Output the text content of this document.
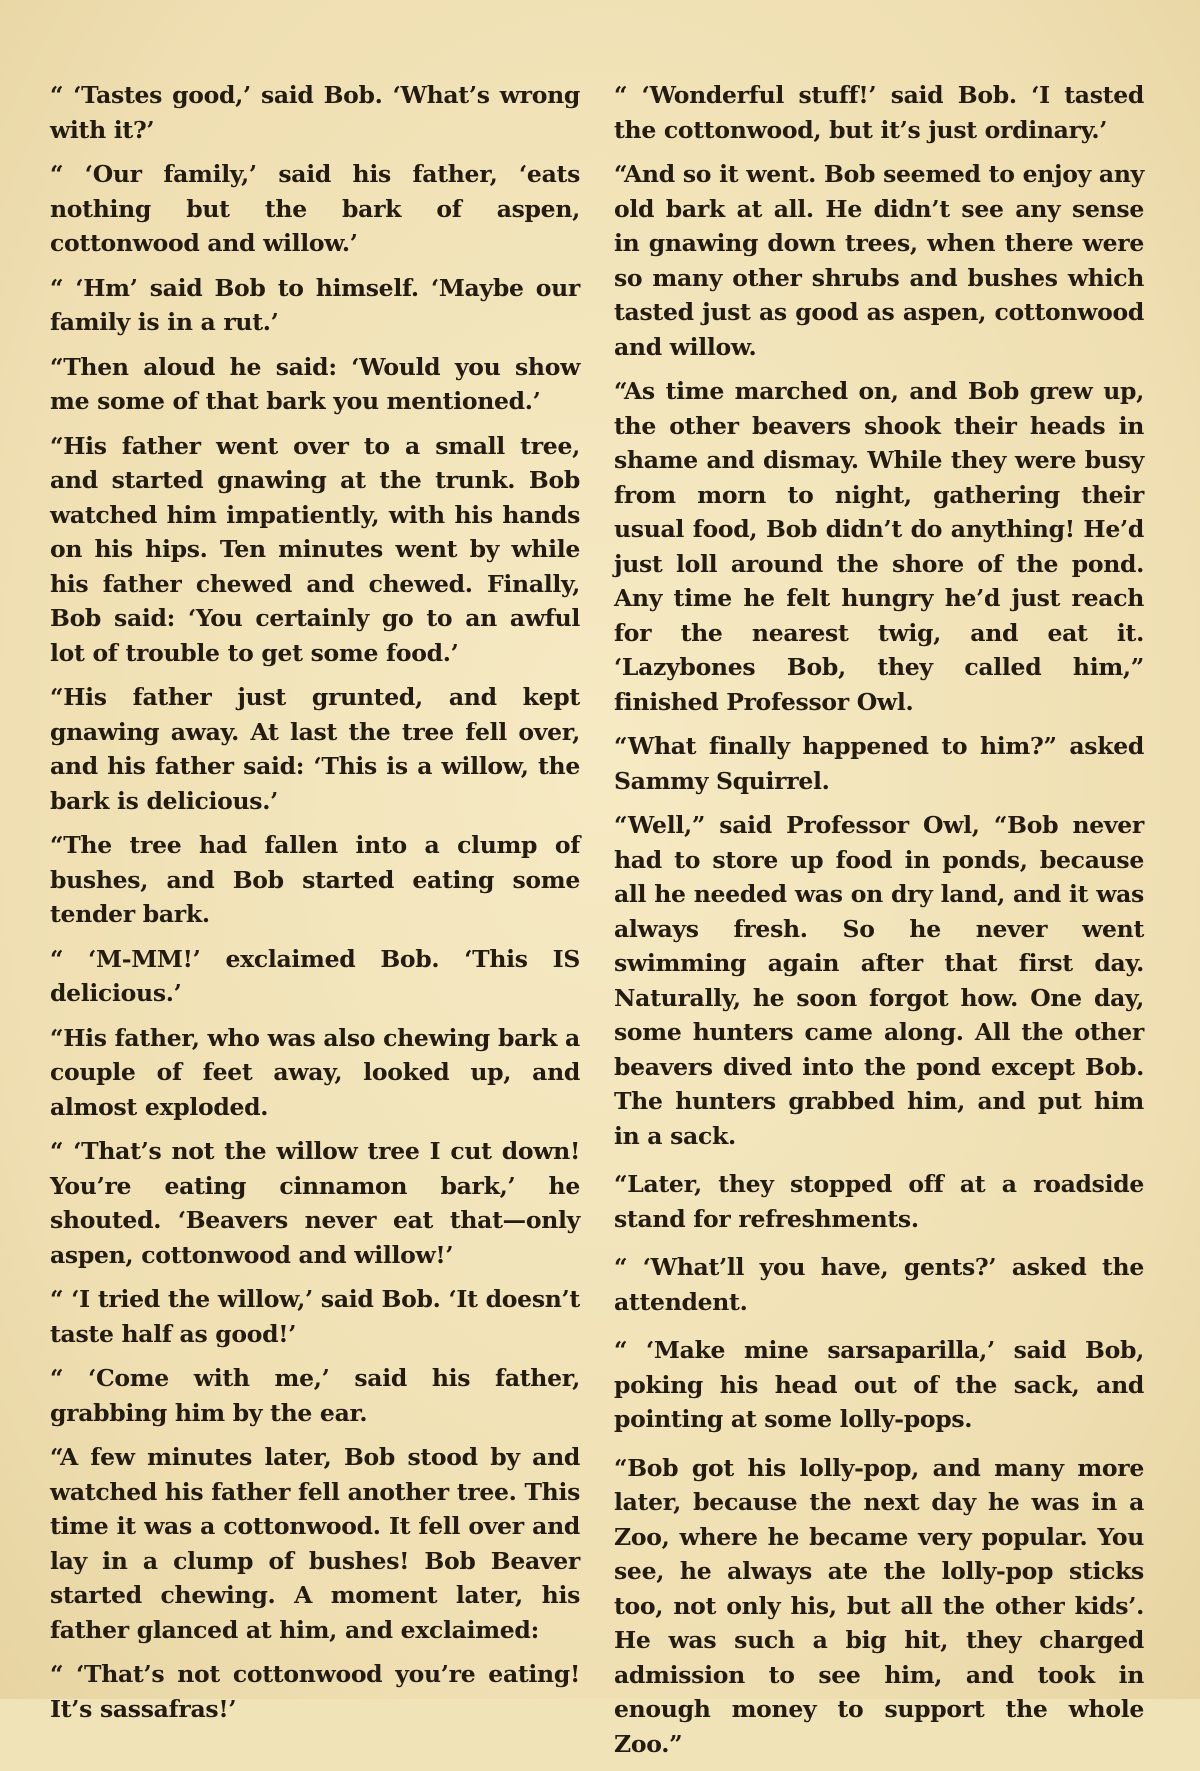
“ ‘Tastes good,’ said Bob. ‘What’s wrong with it?’

“ ‘Our family,’ said his father, ‘eats nothing but the bark of aspen, cottonwood and willow.’

“ ‘Hm’ said Bob to himself. ‘Maybe our family is in a rut.’

“Then aloud he said: ‘Would you show me some of that bark you mentioned.’

“His father went over to a small tree, and started gnawing at the trunk. Bob watched him impatiently, with his hands on his hips. Ten minutes went by while his father chewed and chewed. Finally, Bob said: ‘You certainly go to an awful lot of trouble to get some food.’

“His father just grunted, and kept gnawing away. At last the tree fell over, and his father said: ‘This is a willow, the bark is delicious.’

“The tree had fallen into a clump of bushes, and Bob started eating some tender bark.

“ ‘M-MM!’ exclaimed Bob. ‘This IS delicious.’

“His father, who was also chewing bark a couple of feet away, looked up, and almost exploded.

“ ‘That’s not the willow tree I cut down! You’re eating cinnamon bark,’ he shouted. ‘Beavers never eat that—only aspen, cottonwood and willow!’

“ ‘I tried the willow,’ said Bob. ‘It doesn’t taste half as good!’

“ ‘Come with me,’ said his father, grabbing him by the ear.

“A few minutes later, Bob stood by and watched his father fell another tree. This time it was a cottonwood. It fell over and lay in a clump of bushes! Bob Beaver started chewing. A moment later, his father glanced at him, and exclaimed:

“ ‘That’s not cottonwood you’re eating! It’s sassafras!’

“ ‘Wonderful stuff!’ said Bob. ‘I tasted the cottonwood, but it’s just ordinary.’

“And so it went. Bob seemed to enjoy any old bark at all. He didn’t see any sense in gnawing down trees, when there were so many other shrubs and bushes which tasted just as good as aspen, cottonwood and willow.

“As time marched on, and Bob grew up, the other beavers shook their heads in shame and dismay. While they were busy from morn to night, gathering their usual food, Bob didn’t do anything! He’d just loll around the shore of the pond. Any time he felt hungry he’d just reach for the nearest twig, and eat it. ‘Lazybones Bob, they called him,” finished Professor Owl.

“What finally happened to him?” asked Sammy Squirrel.

“Well,” said Professor Owl, “Bob never had to store up food in ponds, because all he needed was on dry land, and it was always fresh. So he never went swimming again after that first day. Naturally, he soon forgot how. One day, some hunters came along. All the other beavers dived into the pond except Bob. The hunters grabbed him, and put him in a sack.

“Later, they stopped off at a roadside stand for refreshments.

“ ‘What’ll you have, gents?’ asked the attendent.

“ ‘Make mine sarsaparilla,’ said Bob, poking his head out of the sack, and pointing at some lolly-pops.

“Bob got his lolly-pop, and many more later, because the next day he was in a Zoo, where he became very popular. You see, he always ate the lolly-pop sticks too, not only his, but all the other kids’. He was such a big hit, they charged admission to see him, and took in enough money to support the whole Zoo.”
